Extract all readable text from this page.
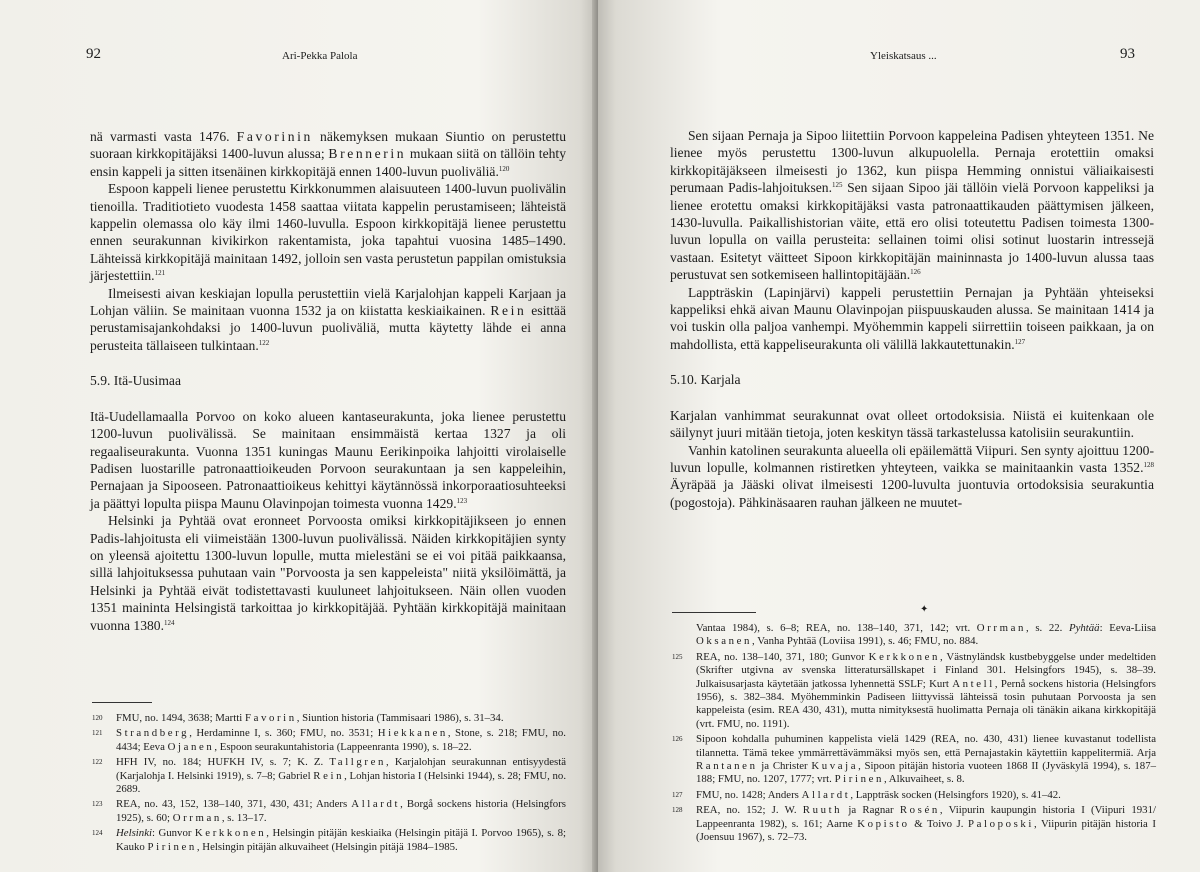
92	Ari-Pekka Palola

nä varmasti vasta 1476. Favorinin näkemyksen mukaan Siuntio on perustettu suoraan kirkkopitäjäksi 1400-luvun alussa; Brennerin mukaan siitä on tällöin tehty ensin kappeli ja sitten itsenäinen kirkkopitäjä ennen 1400-luvun puoliväliä.$^{120}$

Espoon kappeli lienee perustettu Kirkkonummen alaisuuteen 1400-luvun puolivälin tienoilla. Traditiotieto vuodesta 1458 saattaa viitata kappelin perustamiseen; lähteistä kappelin olemassa olo käy ilmi 1460-luvulla. Espoon kirkkopitäjä lienee perustettu ennen seurakunnan kivikirkon rakentamista, joka tapahtui vuosina 1485–1490. Lähteissä kirkkopitäjä mainitaan 1492, jolloin sen vasta perustetun pappilan omistuksia järjestettiin.$^{121}$

Ilmeisesti aivan keskiajan lopulla perustettiin vielä Karjalohjan kappeli Karjaan ja Lohjan väliin. Se mainitaan vuonna 1532 ja on kiistatta keskiaikainen. Rein esittää perustamisajankohdaksi jo 1400-luvun puoliväliä, mutta käytetty lähde ei anna perusteita tällaiseen tulkintaan.$^{122}$

5.9. Itä-Uusimaa

Itä-Uudellamaalla Porvoo on koko alueen kantaseurakunta, joka lienee perustettu 1200-luvun puolivälissä. Se mainitaan ensimmäistä kertaa 1327 ja oli regaaliseurakunta. Vuonna 1351 kuningas Maunu Eerikinpoika lahjoitti virolaiselle Padisen luostarille patronaattioikeuden Porvoon seurakuntaan ja sen kappeleihin, Pernajaan ja Sipooseen. Patronaattioikeus kehittyi käytännössä inkorporaatiosuhteeksi ja päättyi lopulta piispa Maunu Olavinpojan toimesta vuonna 1429.$^{123}$

Helsinki ja Pyhtää ovat eronneet Porvoosta omiksi kirkkopitäjikseen jo ennen Padis-lahjoitusta eli viimeistään 1300-luvun puolivälissä. Näiden kirkkopitäjien synty on yleensä ajoitettu 1300-luvun lopulle, mutta mielestäni se ei voi pitää paikkaansa, sillä lahjoituksessa puhutaan vain "Porvoosta ja sen kappeleista" niitä yksilöimättä, ja Helsinki ja Pyhtää eivät todistettavasti kuuluneet lahjoitukseen. Näin ollen vuoden 1351 maininta Helsingistä tarkoittaa jo kirkkopitäjää. Pyhtään kirkkopitäjä mainitaan vuonna 1380.$^{124}$

120 FMU, no. 1494, 3638; Martti Favorin, Siuntion historia (Tammisaari 1986), s. 31–34.

121 Strandberg, Herdaminne I, s. 360; FMU, no. 3531; Hiekkanen, Stone, s. 218; FMU, no. 4434; Eeva Ojanen, Espoon seurakuntahistoria (Lappeenranta 1990), s. 18–22.

122 HFH IV, no. 184; HUFKH IV, s. 7; K. Z. Tallgren, Karjalohjan seurakunnan entisyydestä (Karjalohja I. Helsinki 1919), s. 7–8; Gabriel Rein, Lohjan historia I (Helsinki 1944), s. 28; FMU, no. 2689.

123 REA, no. 43, 152, 138–140, 371, 430, 431; Anders Allardt, Borgå sockens historia (Helsingfors 1925), s. 60; Orrman, s. 13–17.

124 Helsinki: Gunvor Kerkkonen, Helsingin pitäjän keskiaika (Helsingin pitäjä I. Porvoo 1965), s. 8; Kauko Pirinen, Helsingin pitäjän alkuvaiheet (Helsingin pitäjä 1984–1985.

Yleiskatsaus ...	93

Sen sijaan Pernaja ja Sipoo liitettiin Porvoon kappeleina Padisen yhteyteen 1351. Ne lienee myös perustettu 1300-luvun alkupuolella. Pernaja erotettiin omaksi kirkkopitäjäkseen ilmeisesti jo 1362, kun piispa Hemming onnistui väliaikaisesti perumaan Padis-lahjoituksen.$^{125}$ Sen sijaan Sipoo jäi tällöin vielä Porvoon kappeliksi ja lienee erotettu omaksi kirkkopitäjäksi vasta patronaattikauden päättymisen jälkeen, 1430-luvulla. Paikallishistorian väite, että ero olisi toteutettu Padisen toimesta 1300-luvun lopulla on vailla perusteita: sellainen toimi olisi sotinut luostarin intressejä vastaan. Esitetyt väitteet Sipoon kirkkopitäjän maininnasta jo 1400-luvun alussa taas perustuvat sen sotkemiseen hallintopitäjään.$^{126}$

Lappträskin (Lapinjärvi) kappeli perustettiin Pernajan ja Pyhtään yhteiseksi kappeliksi ehkä aivan Maunu Olavinpojan piispuuskauden alussa. Se mainitaan 1414 ja voi tuskin olla paljoa vanhempi. Myöhemmin kappeli siirrettiin toiseen paikkaan, ja on mahdollista, että kappeliseurakunta oli välillä lakkautettunakin.$^{127}$

5.10. Karjala

Karjalan vanhimmat seurakunnat ovat olleet ortodoksisia. Niistä ei kuitenkaan ole säilynyt juuri mitään tietoja, joten keskityn tässä tarkastelussa katolisiin seurakuntiin.

Vanhin katolinen seurakunta alueella oli epäilemättä Viipuri. Sen synty ajoittuu 1200-luvun lopulle, kolmannen ristiretken yhteyteen, vaikka se mainitaankin vasta 1352.$^{128}$ Äyräpää ja Jääski olivat ilmeisesti 1200-luvulta juontuvia ortodoksisia seurakuntia (pogostoja). Pähkinäsaaren rauhan jälkeen ne muutet-

✦
Vantaa 1984), s. 6–8; REA, no. 138–140, 371, 142; vrt. Orrman, s. 22. Pyhtää: Eeva-Liisa Oksanen, Vanha Pyhtää (Loviisa 1991), s. 46; FMU, no. 884.
125 REA, no. 138–140, 371, 180; Gunvor Kerkkonen, Västnyländsk kustbebyggelse under medeltiden (Skrifter utgivna av svenska litteratursällskapet i Finland 301. Helsingfors 1945), s. 38–39. Julkaisusarjasta käytetään jatkossa lyhennettä SSLF; Kurt Antell, Pernå sockens historia (Helsingfors 1956), s. 382–384. Myöhemminkin Padiseen liittyvissä lähteissä tosin puhutaan Porvoosta ja sen kappeleista (esim. REA 430, 431), mutta nimityksestä huolimatta Pernaja oli tänäkin aikana kirkkopitäjä (vrt. FMU, no. 1191).

126 Sipoon kohdalla puhuminen kappelista vielä 1429 (REA, no. 430, 431) lienee kuvastanut todellista tilannetta. Tämä tekee ymmärrettävämmäksi myös sen, että Pernajastakin käytettiin kappelitermiä. Arja Rantanen ja Christer Kuvaja, Sipoon pitäjän historia vuoteen 1868 II (Jyväskylä 1994), s. 187–188; FMU, no. 1207, 1777; vrt. Pirinen, Alkuvaiheet, s. 8.

127 FMU, no. 1428; Anders Allardt, Lappträsk socken (Helsingfors 1920), s. 41–42.

128 REA, no. 152; J. W. Ruuth ja Ragnar Rosén, Viipurin kaupungin historia I (Viipuri 1931/ Lappeenranta 1982), s. 161; Aarne Kopisto & Toivo J. Paloposki, Viipurin pitäjän historia I (Joensuu 1967), s. 72–73.
